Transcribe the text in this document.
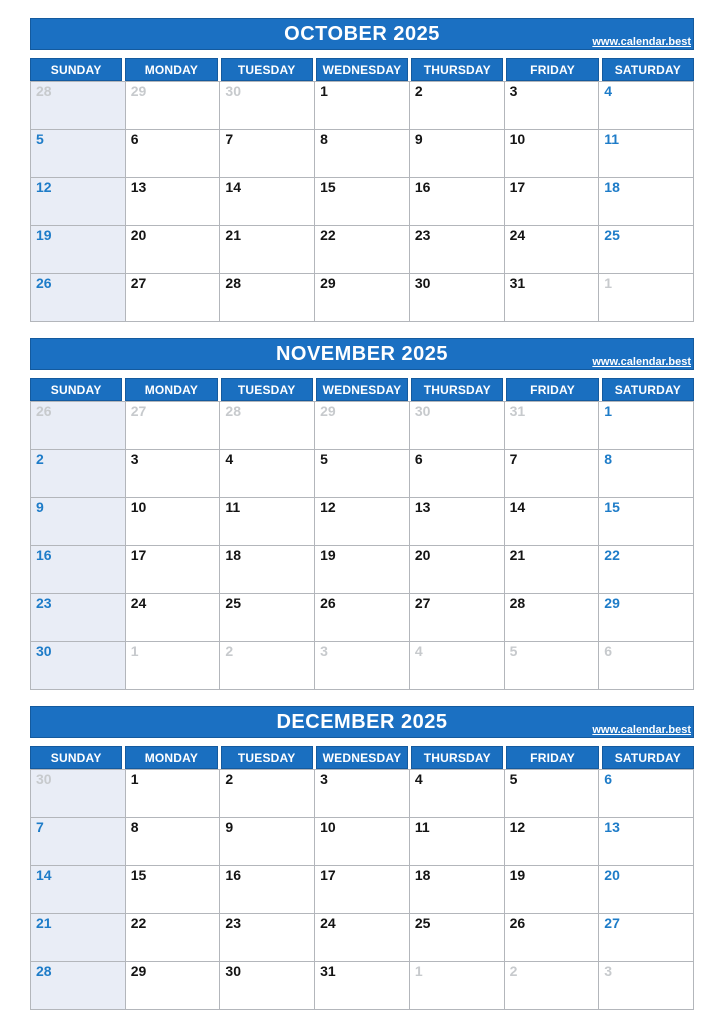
OCTOBER 2025	www.calendar.best
SUNDAY	MONDAY	TUESDAY	WEDNESDAY	THURSDAY	FRIDAY	SATURDAY
28	29	30	1	2	3	4
5	6	7	8	9	10	11
12	13	14	15	16	17	18
19	20	21	22	23	24	25
26	27	28	29	30	31	1
NOVEMBER 2025	www.calendar.best
SUNDAY	MONDAY	TUESDAY	WEDNESDAY	THURSDAY	FRIDAY	SATURDAY
26	27	28	29	30	31	1
2	3	4	5	6	7	8
9	10	11	12	13	14	15
16	17	18	19	20	21	22
23	24	25	26	27	28	29
30	1	2	3	4	5	6
DECEMBER 2025	www.calendar.best
SUNDAY	MONDAY	TUESDAY	WEDNESDAY	THURSDAY	FRIDAY	SATURDAY
30	1	2	3	4	5	6
7	8	9	10	11	12	13
14	15	16	17	18	19	20
21	22	23	24	25	26	27
28	29	30	31	1	2	3
